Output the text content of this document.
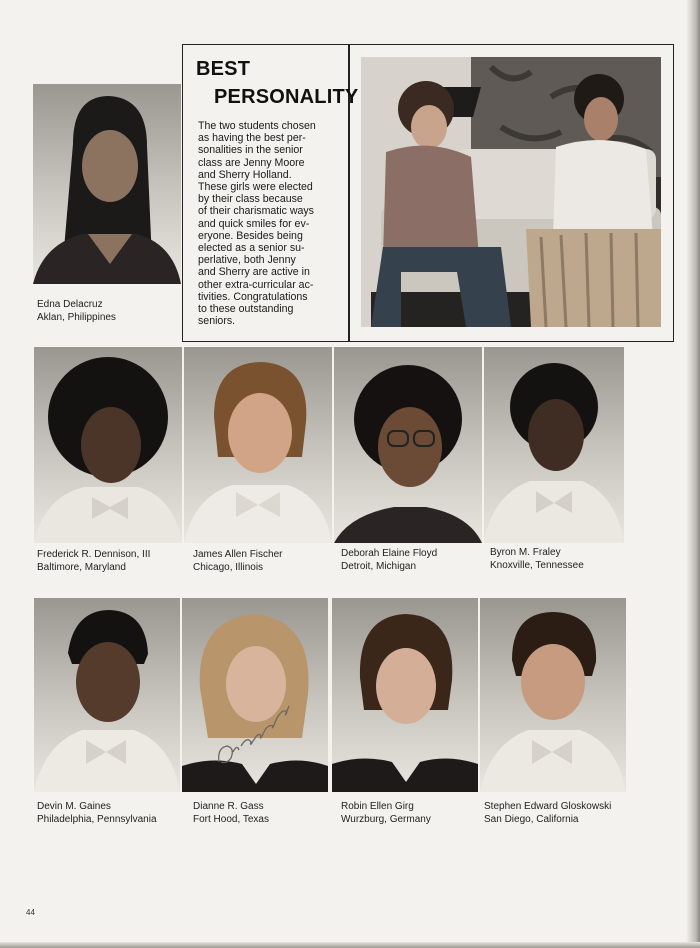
Edna Delacruz
Aklan, Philippines
BEST
PERSONALITY
The two students chosen
as having the best per-
sonalities in the senior
class are Jenny Moore
and Sherry Holland.
These girls were elected
by their class because
of their charismatic ways
and quick smiles for ev-
eryone. Besides being
elected as a senior su-
perlative, both Jenny
and Sherry are active in
other extra-curricular ac-
tivities. Congratulations
to these outstanding
seniors.
Frederick R. Dennison, III
Baltimore, Maryland
James Allen Fischer
Chicago, Illinois
Deborah Elaine Floyd
Detroit, Michigan
Byron M. Fraley
Knoxville, Tennessee
Devin M. Gaines
Philadelphia, Pennsylvania
Dianne R. Gass
Fort Hood, Texas
Robin Ellen Girg
Wurzburg, Germany
Stephen Edward Gloskowski
San Diego, California
44
